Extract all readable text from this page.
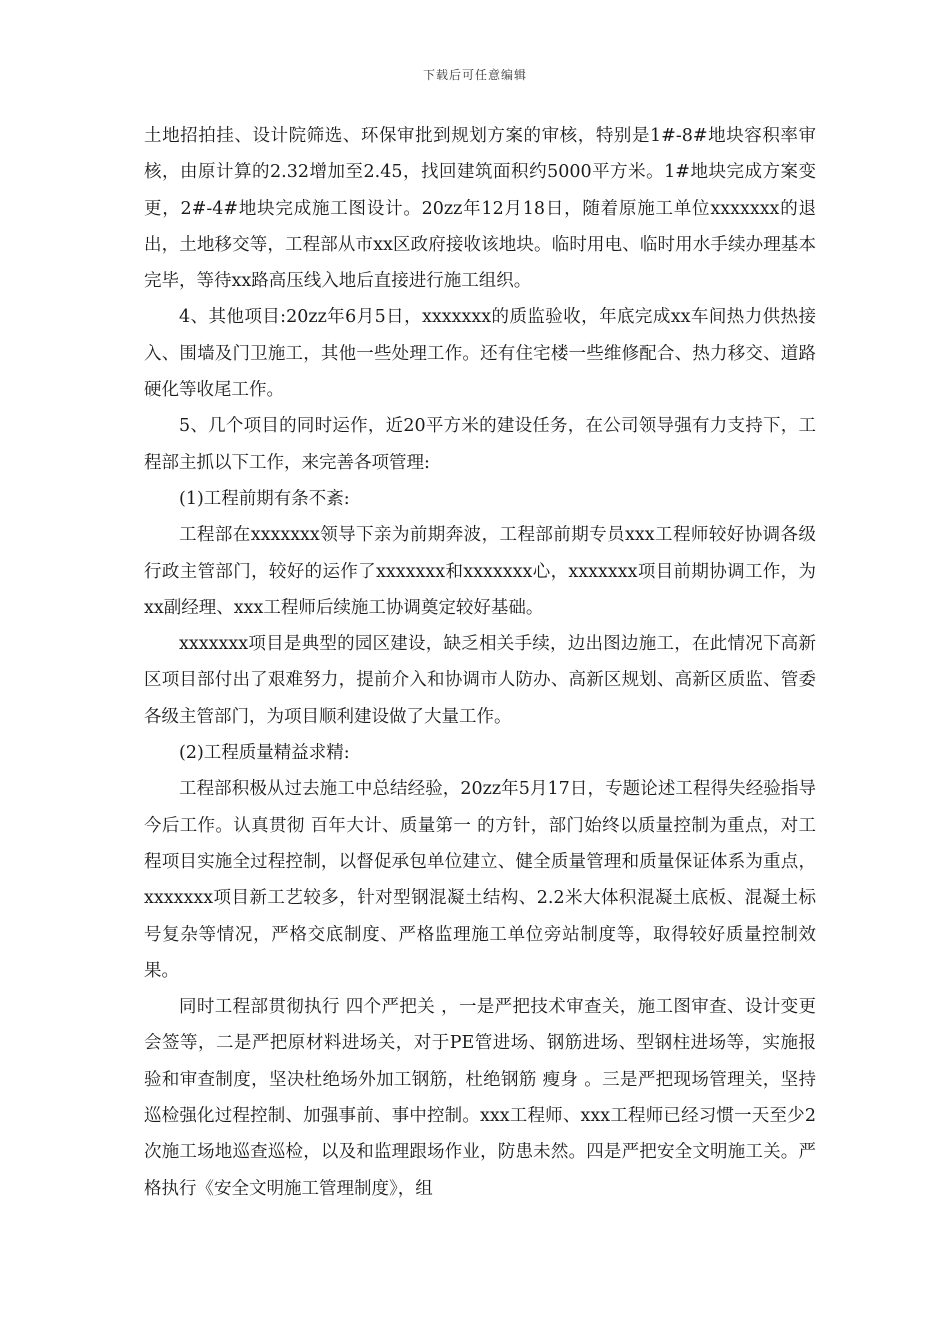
下载后可任意编辑

土地招拍挂、设计院筛选、环保审批到规划方案的审核，特别是1#-8#地块容积率审核，由原计算的2.32增加至2.45，找回建筑面积约5000平方米。1#地块完成方案变更，2#-4#地块完成施工图设计。20zz年12月18日，随着原施工单位xxxxxxx的退出，土地移交等，工程部从市xx区政府接收该地块。临时用电、临时用水手续办理基本完毕，等待xx路高压线入地后直接进行施工组织。

4、其他项目:20zz年6月5日，xxxxxxx的质监验收，年底完成xx车间热力供热接入、围墙及门卫施工，其他一些处理工作。还有住宅楼一些维修配合、热力移交、道路硬化等收尾工作。

5、几个项目的同时运作，近20平方米的建设任务，在公司领导强有力支持下，工程部主抓以下工作，来完善各项管理:

(1)工程前期有条不紊:

工程部在xxxxxxx领导下亲为前期奔波，工程部前期专员xxx工程师较好协调各级行政主管部门，较好的运作了xxxxxxx和xxxxxxx心，xxxxxxx项目前期协调工作，为xx副经理、xxx工程师后续施工协调奠定较好基础。

xxxxxxx项目是典型的园区建设，缺乏相关手续，边出图边施工，在此情况下高新区项目部付出了艰难努力，提前介入和协调市人防办、高新区规划、高新区质监、管委各级主管部门，为项目顺利建设做了大量工作。

(2)工程质量精益求精:

工程部积极从过去施工中总结经验，20zz年5月17日，专题论述工程得失经验指导今后工作。认真贯彻 百年大计、质量第一 的方针，部门始终以质量控制为重点，对工程项目实施全过程控制，以督促承包单位建立、健全质量管理和质量保证体系为重点，xxxxxxx项目新工艺较多，针对型钢混凝土结构、2.2米大体积混凝土底板、混凝土标号复杂等情况，严格交底制度、严格监理施工单位旁站制度等，取得较好质量控制效果。

同时工程部贯彻执行 四个严把关 ，一是严把技术审查关，施工图审查、设计变更会签等，二是严把原材料进场关，对于PE管进场、钢筋进场、型钢柱进场等，实施报验和审查制度，坚决杜绝场外加工钢筋，杜绝钢筋 瘦身 。三是严把现场管理关，坚持巡检强化过程控制、加强事前、事中控制。xxx工程师、xxx工程师已经习惯一天至少2次施工场地巡查巡检，以及和监理跟场作业，防患未然。四是严把安全文明施工关。严格执行《安全文明施工管理制度》，组
